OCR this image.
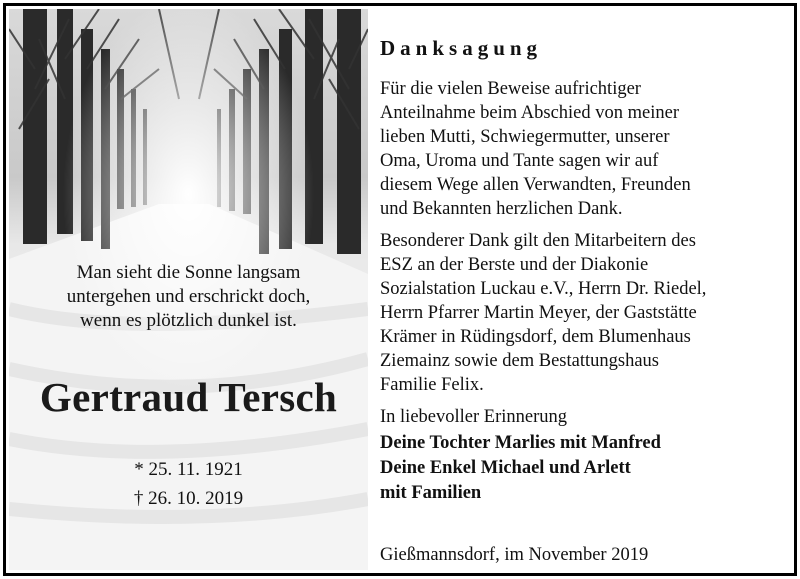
Man sieht die Sonne langsam
untergehen und erschrickt doch,
wenn es plötzlich dunkel ist.
Gertraud Tersch
* 25. 11. 1921
† 26. 10. 2019
Danksagung
Für die vielen Beweise aufrichtiger
Anteilnahme beim Abschied von meiner
lieben Mutti, Schwiegermutter, unserer
Oma, Uroma und Tante sagen wir auf
diesem Wege allen Verwandten, Freunden
und Bekannten herzlichen Dank.
Besonderer Dank gilt den Mitarbeitern des
ESZ an der Berste und der Diakonie
Sozialstation Luckau e.V., Herrn Dr. Riedel,
Herrn Pfarrer Martin Meyer, der Gaststätte
Krämer in Rüdingsdorf, dem Blumenhaus
Ziemainz sowie dem Bestattungshaus
Familie Felix.
In liebevoller Erinnerung
Deine Tochter Marlies mit Manfred
Deine Enkel Michael und Arlett
mit Familien
Gießmannsdorf, im November 2019
